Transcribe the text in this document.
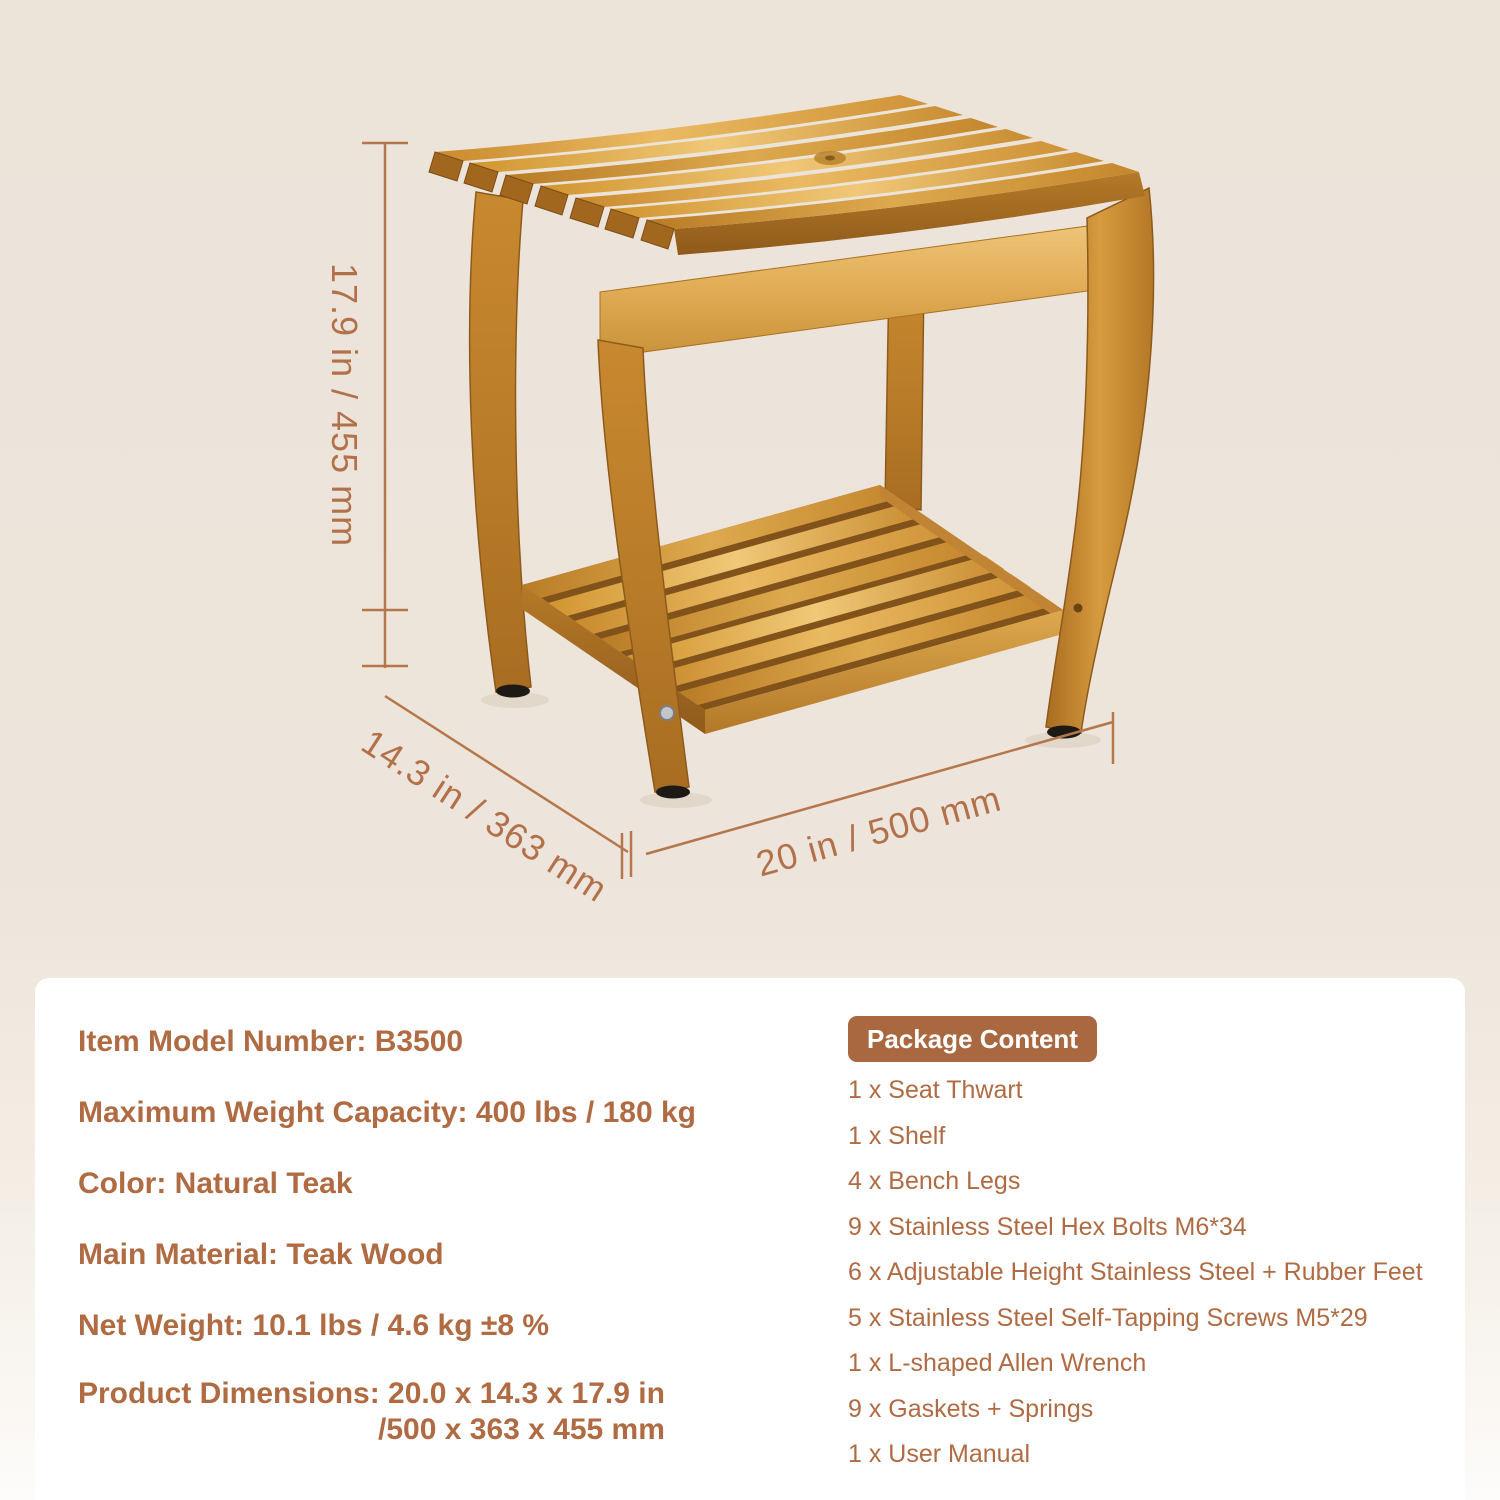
17.9 in / 455 mm
14.3 in / 363 mm	20 in / 500 mm
Item Model Number: B3500
Maximum Weight Capacity: 400 lbs / 180 kg
Color: Natural Teak
Main Material: Teak Wood
Net Weight: 10.1 lbs / 4.6 kg ±8 %
Product Dimensions: 20.0 x 14.3 x 17.9 in
/500 x 363 x 455 mm
Package Content
1 x Seat Thwart
1 x Shelf
4 x Bench Legs
9 x Stainless Steel Hex Bolts M6*34
6 x Adjustable Height Stainless Steel + Rubber Feet
5 x Stainless Steel Self-Tapping Screws M5*29
1 x L-shaped Allen Wrench
9 x Gaskets + Springs
1 x User Manual
